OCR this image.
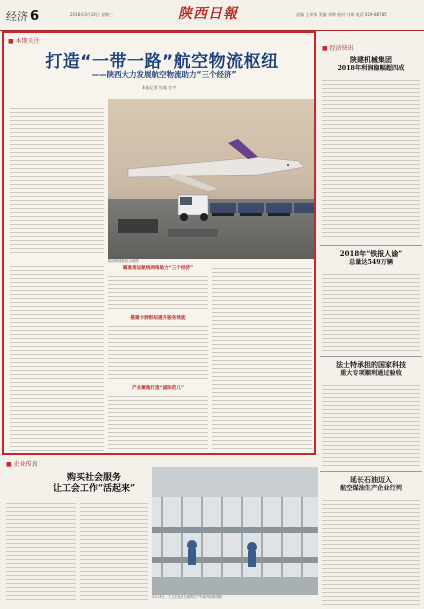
经济 6	2018年3月14日 星期三	陕西日報	责编 王卓伟 美编 刘婷 校对 马骞 电话 029-88785
■ 本期关注
打造“一带一路”航空物流枢纽
——陕西大力发展航空物流助力“三个经济”
本报记者 杜胤 左宇

陕西物流枢纽示意图
瞄准货运航线网络助力“三个经济”
搭建卡脖枢纽提升服务效能
产业聚集打造“国际范儿”
■ 经济快讯
陕建机械集团
2018年利润稳幅超四成
2018年“铁报人谕”
总量达549万辆
法士特承担的国家科技
重大专项顺利通过验收
延长石油迈入
航空煤油生产企业行列
■ 企业传真
购买社会服务
让工会工作“活起来”
3月13日，工人在延长石油的生产车间内检修线路
